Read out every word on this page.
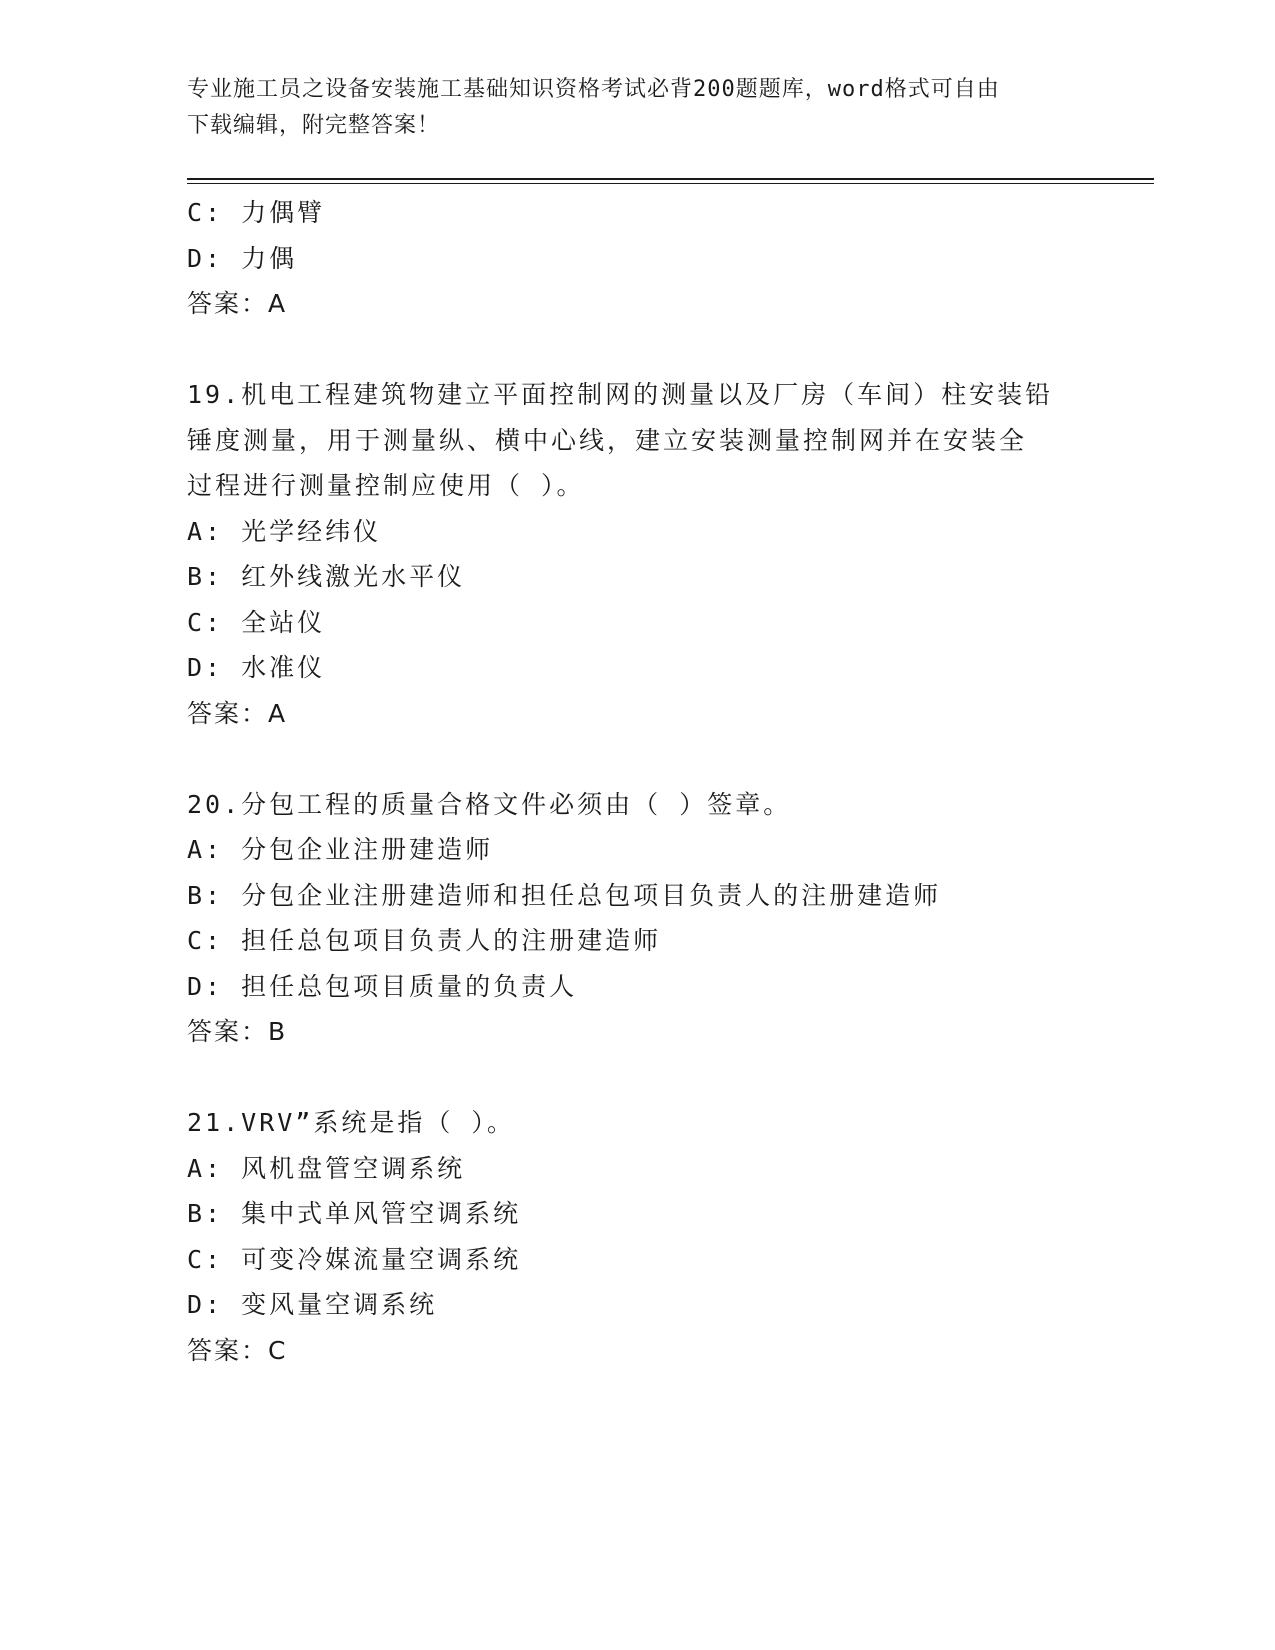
专业施工员之设备安装施工基础知识资格考试必背200题题库，word格式可自由
下载编辑，附完整答案！
C: 力偶臂
D: 力偶
答案：A
19.机电工程建筑物建立平面控制网的测量以及厂房（车间）柱安装铅
锤度测量，用于测量纵、横中心线，建立安装测量控制网并在安装全
过程进行测量控制应使用（ ）。
A: 光学经纬仪
B: 红外线激光水平仪
C: 全站仪
D: 水准仪
答案：A
20.分包工程的质量合格文件必须由（ ）签章。
A: 分包企业注册建造师
B: 分包企业注册建造师和担任总包项目负责人的注册建造师
C: 担任总包项目负责人的注册建造师
D: 担任总包项目质量的负责人
答案：B
21.VRV”系统是指（ ）。
A: 风机盘管空调系统
B: 集中式单风管空调系统
C: 可变冷媒流量空调系统
D: 变风量空调系统
答案：C
